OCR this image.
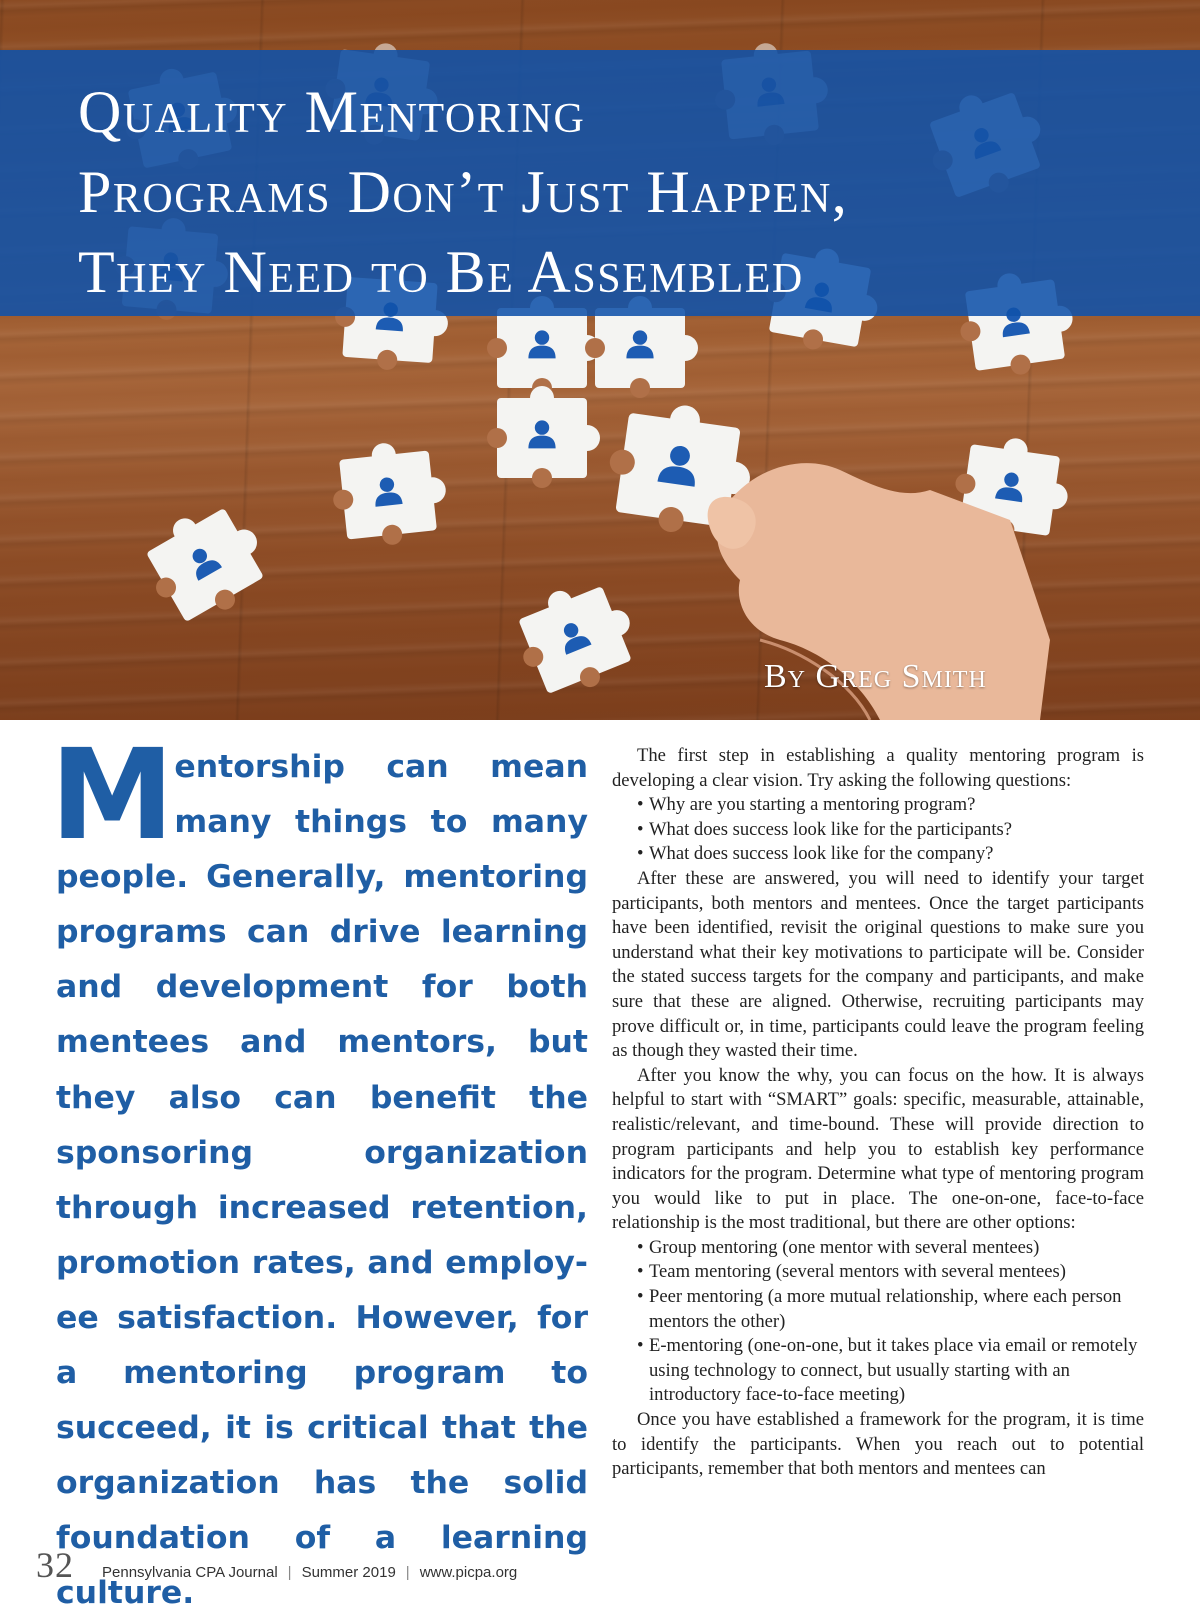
Quality Mentoring
Programs Don’t Just Happen,
They Need to Be Assembled
By Greg Smith
M entorship can mean many things to many people. Generally, mentoring programs can drive learning and development for both mentees and mentors, but they also can benefit the sponsoring organization through increased retention, promotion rates, and employee satisfaction. However, for a mentoring program to succeed, it is critical that the organization has the solid foundation of a learning culture.

The first step in establishing a quality mentoring program is developing a clear vision. Try asking the following questions:

• Why are you starting a mentoring program?
• What does success look like for the participants?
• What does success look like for the company?

After these are answered, you will need to identify your target participants, both mentors and mentees. Once the target participants have been identified, revisit the original questions to make sure you understand what their key motivations to participate will be. Consider the stated success targets for the company and participants, and make sure that these are aligned. Otherwise, recruiting participants may prove difficult or, in time, participants could leave the program feeling as though they wasted their time.

After you know the why, you can focus on the how. It is always helpful to start with “SMART” goals: specific, measurable, attainable, realistic/relevant, and time-bound. These will provide direction to program participants and help you to establish key performance indicators for the program. Determine what type of mentoring program you would like to put in place. The one-on-one, face-to-face relationship is the most traditional, but there are other options:

• Group mentoring (one mentor with several mentees)
• Team mentoring (several mentors with several mentees)
• Peer mentoring (a more mutual relationship, where each person mentors the other)
• E-mentoring (one-on-one, but it takes place via email or remotely using technology to connect, but usually starting with an introductory face-to-face meeting)

Once you have established a framework for the program, it is time to identify the participants. When you reach out to potential participants, remember that both mentors and mentees can

32 Pennsylvania CPA Journal | Summer 2019 | www.picpa.org
